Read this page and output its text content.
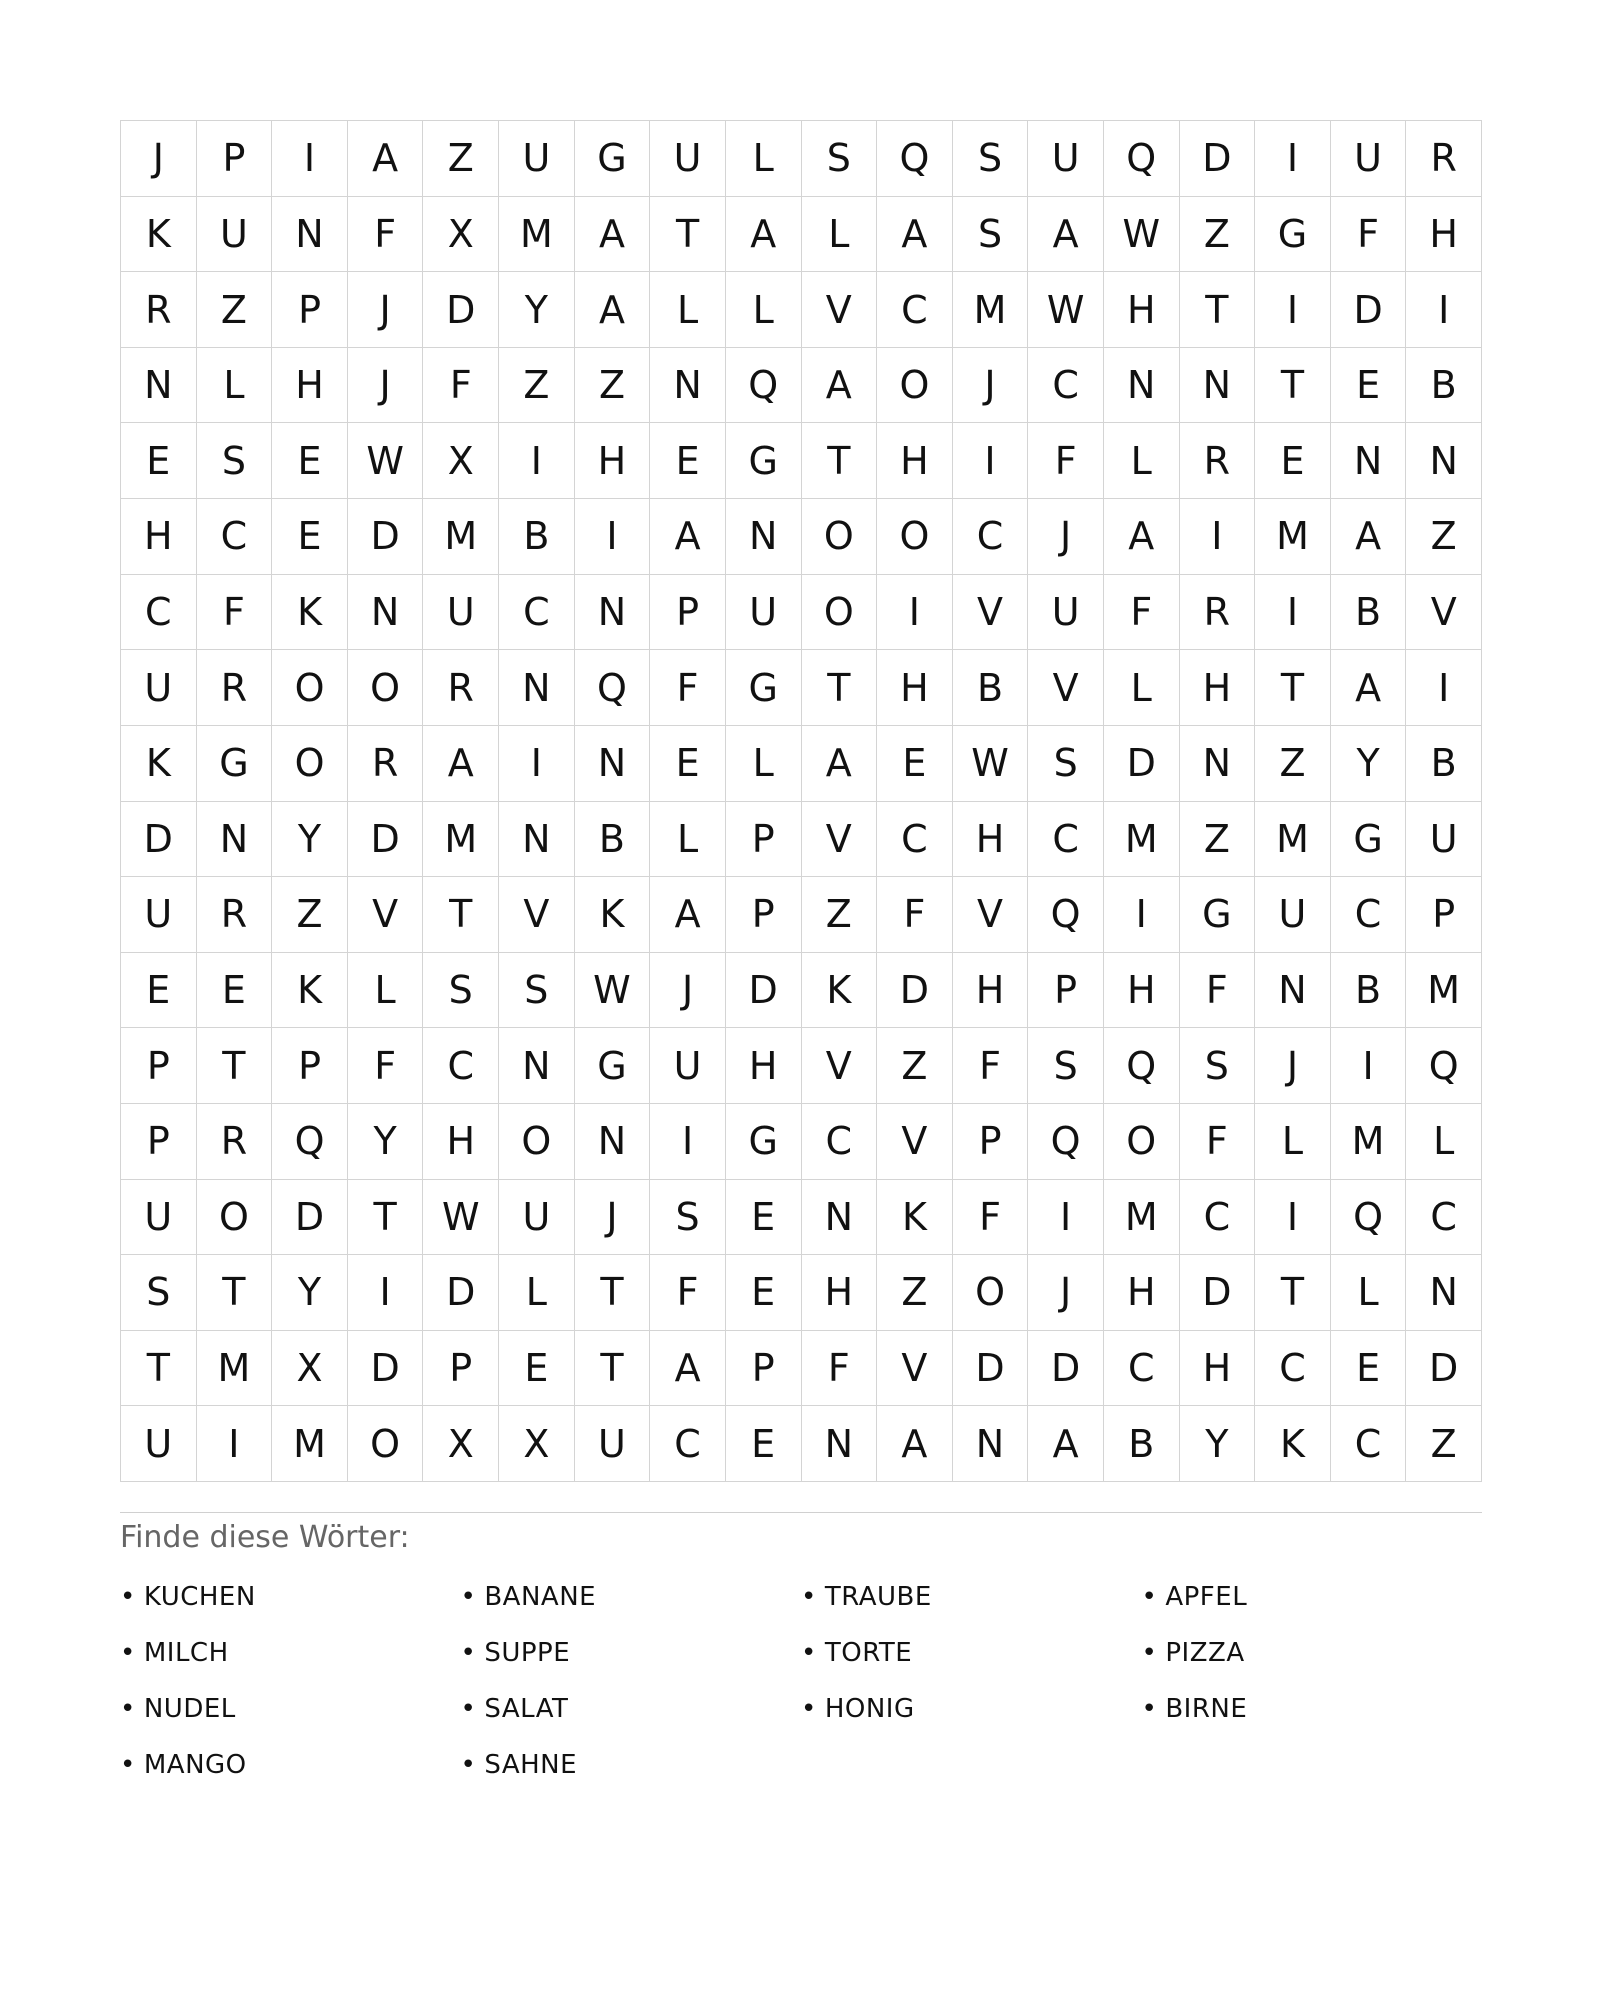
J	P	I	A	Z	U	G	U	L	S	Q	S	U	Q	D	I	U	R
K	U	N	F	X	M	A	T	A	L	A	S	A	W	Z	G	F	H
R	Z	P	J	D	Y	A	L	L	V	C	M	W	H	T	I	D	I
N	L	H	J	F	Z	Z	N	Q	A	O	J	C	N	N	T	E	B
E	S	E	W	X	I	H	E	G	T	H	I	F	L	R	E	N	N
H	C	E	D	M	B	I	A	N	O	O	C	J	A	I	M	A	Z
C	F	K	N	U	C	N	P	U	O	I	V	U	F	R	I	B	V
U	R	O	O	R	N	Q	F	G	T	H	B	V	L	H	T	A	I
K	G	O	R	A	I	N	E	L	A	E	W	S	D	N	Z	Y	B
D	N	Y	D	M	N	B	L	P	V	C	H	C	M	Z	M	G	U
U	R	Z	V	T	V	K	A	P	Z	F	V	Q	I	G	U	C	P
E	E	K	L	S	S	W	J	D	K	D	H	P	H	F	N	B	M
P	T	P	F	C	N	G	U	H	V	Z	F	S	Q	S	J	I	Q
P	R	Q	Y	H	O	N	I	G	C	V	P	Q	O	F	L	M	L
U	O	D	T	W	U	J	S	E	N	K	F	I	M	C	I	Q	C
S	T	Y	I	D	L	T	F	E	H	Z	O	J	H	D	T	L	N
T	M	X	D	P	E	T	A	P	F	V	D	D	C	H	C	E	D
U	I	M	O	X	X	U	C	E	N	A	N	A	B	Y	K	C	Z
Finde diese Wörter:
• KUCHEN	• BANANE	• TRAUBE	• APFEL
• MILCH	• SUPPE	• TORTE	• PIZZA
• NUDEL	• SALAT	• HONIG	• BIRNE
• MANGO	• SAHNE
